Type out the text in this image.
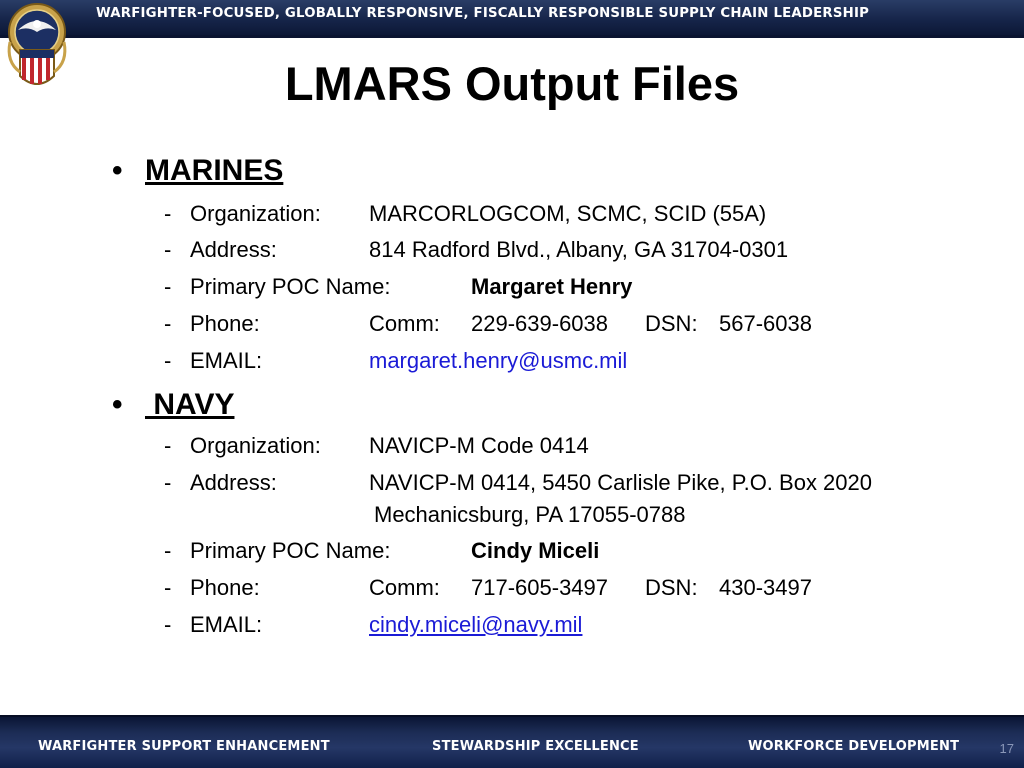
WARFIGHTER-FOCUSED, GLOBALLY RESPONSIVE, FISCALLY RESPONSIBLE SUPPLY CHAIN LEADERSHIP
LMARS Output Files
• MARINES
- Organization: MARCORLOGCOM, SCMC, SCID (55A)
- Address:	814 Radford Blvd., Albany, GA 31704-0301
- Primary POC Name:	Margaret Henry
- Phone:	Comm: 229-639-6038 DSN: 567-6038
- EMAIL:	margaret.henry@usmc.mil
• NAVY
- Organization: NAVICP-M Code 0414
- Address:	NAVICP-M 0414, 5450 Carlisle Pike, P.O. Box 2020
Mechanicsburg, PA 17055-0788
- Primary POC Name:	Cindy Miceli
- Phone:	Comm: 717-605-3497 DSN: 430-3497
- EMAIL:	cindy.miceli@navy.mil
WARFIGHTER SUPPORT ENHANCEMENT	STEWARDSHIP EXCELLENCE	WORKFORCE DEVELOPMENT	17
